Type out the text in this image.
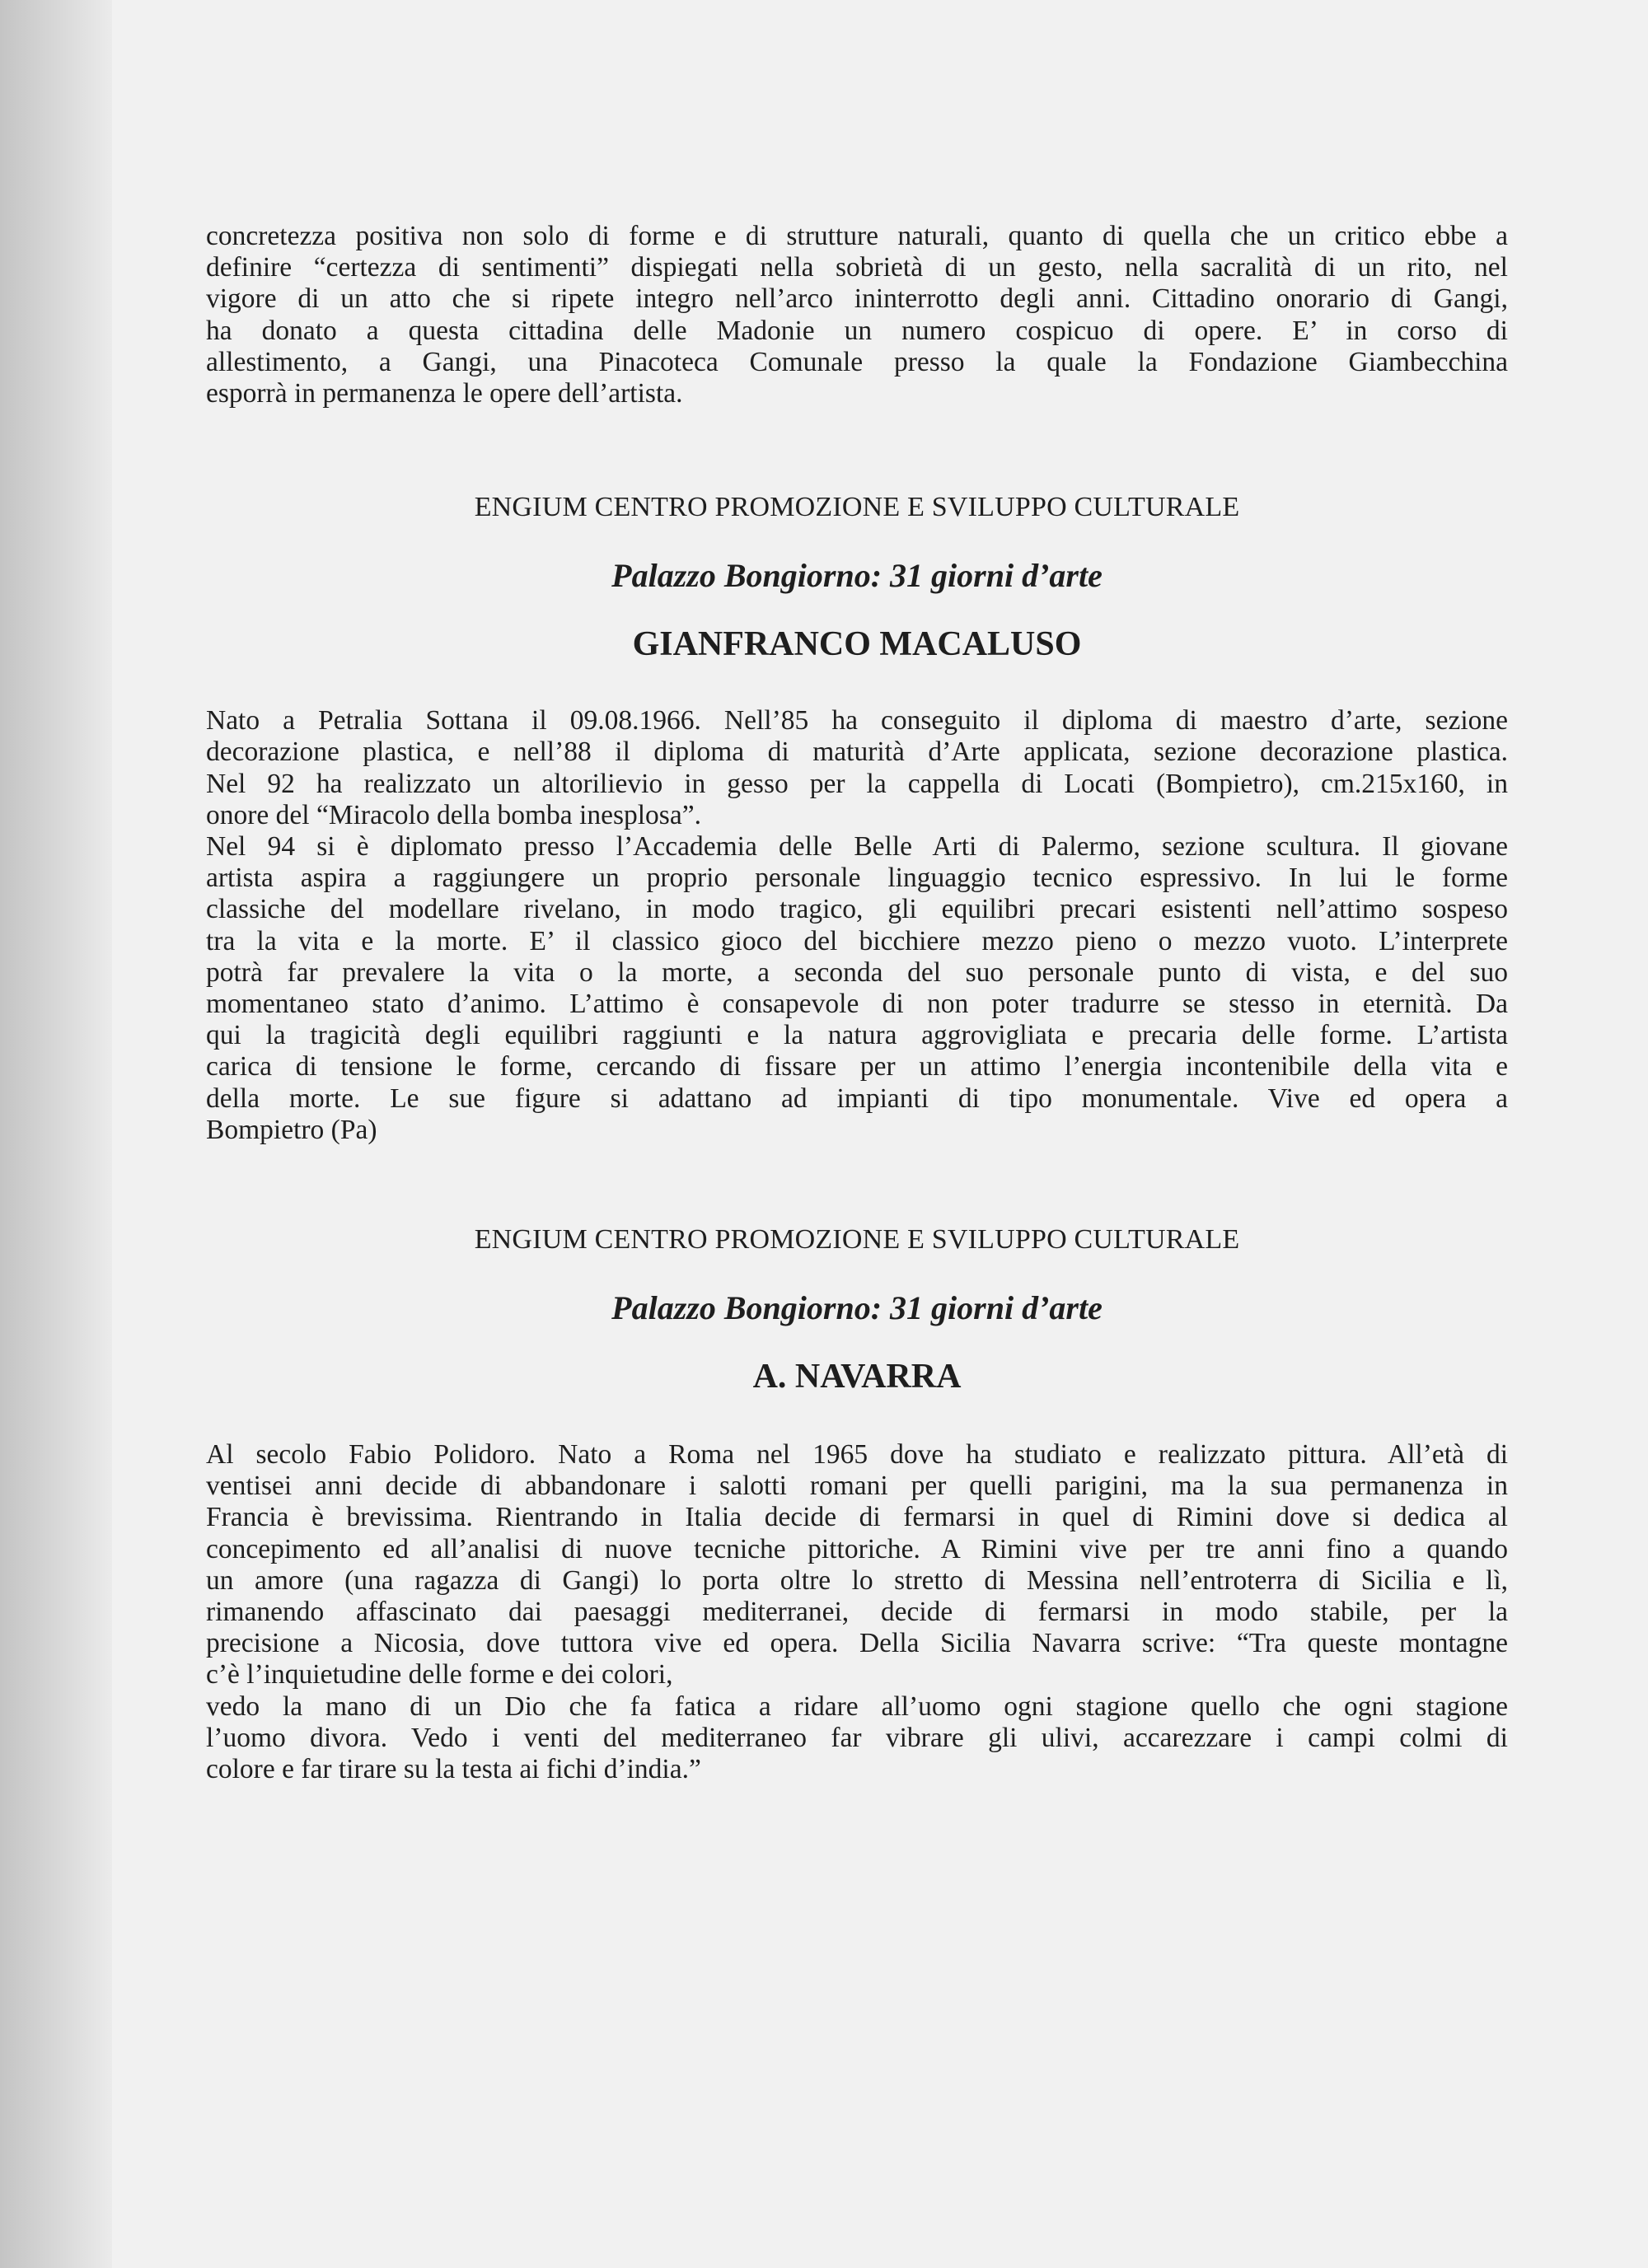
concretezza positiva non solo di forme e di strutture naturali, quanto di quella che un critico ebbe a
definire “certezza di sentimenti” dispiegati nella sobrietà di un gesto, nella sacralità di un rito, nel
vigore di un atto che si ripete integro nell’arco ininterrotto degli anni. Cittadino onorario di Gangi,
ha donato a questa cittadina delle Madonie un numero cospicuo di opere. E’ in corso di
allestimento, a Gangi, una Pinacoteca Comunale presso la quale la Fondazione Giambecchina
esporrà in permanenza le opere dell’artista.

ENGIUM CENTRO PROMOZIONE E SVILUPPO CULTURALE

Palazzo Bongiorno: 31 giorni d’arte

GIANFRANCO MACALUSO

Nato a Petralia Sottana il 09.08.1966. Nell’85 ha conseguito il diploma di maestro d’arte, sezione
decorazione plastica, e nell’88 il diploma di maturità d’Arte applicata, sezione decorazione plastica.
Nel 92 ha realizzato un altorilievio in gesso per la cappella di Locati (Bompietro), cm.215x160, in
onore del “Miracolo della bomba inesplosa”.
Nel 94 si è diplomato presso l’Accademia delle Belle Arti di Palermo, sezione scultura. Il giovane
artista aspira a raggiungere un proprio personale linguaggio tecnico espressivo. In lui le forme
classiche del modellare rivelano, in modo tragico, gli equilibri precari esistenti nell’attimo sospeso
tra la vita e la morte. E’ il classico gioco del bicchiere mezzo pieno o mezzo vuoto. L’interprete
potrà far prevalere la vita o la morte, a seconda del suo personale punto di vista, e del suo
momentaneo stato d’animo. L’attimo è consapevole di non poter tradurre se stesso in eternità. Da
qui la tragicità degli equilibri raggiunti e la natura aggrovigliata e precaria delle forme. L’artista
carica di tensione le forme, cercando di fissare per un attimo l’energia incontenibile della vita e
della morte. Le sue figure si adattano ad impianti di tipo monumentale. Vive ed opera a
Bompietro (Pa)

ENGIUM CENTRO PROMOZIONE E SVILUPPO CULTURALE

Palazzo Bongiorno: 31 giorni d’arte

A. NAVARRA

Al secolo Fabio Polidoro. Nato a Roma nel 1965 dove ha studiato e realizzato pittura. All’età di
ventisei anni decide di abbandonare i salotti romani per quelli parigini, ma la sua permanenza in
Francia è brevissima. Rientrando in Italia decide di fermarsi in quel di Rimini dove si dedica al
concepimento ed all’analisi di nuove tecniche pittoriche. A Rimini vive per tre anni fino a quando
un amore (una ragazza di Gangi) lo porta oltre lo stretto di Messina nell’entroterra di Sicilia e lì,
rimanendo affascinato dai paesaggi mediterranei, decide di fermarsi in modo stabile, per la
precisione a Nicosia, dove tuttora vive ed opera. Della Sicilia Navarra scrive: “Tra queste montagne
c’è l’inquietudine delle forme e dei colori,
vedo la mano di un Dio che fa fatica a ridare all’uomo ogni stagione quello che ogni stagione
l’uomo divora. Vedo i venti del mediterraneo far vibrare gli ulivi, accarezzare i campi colmi di
colore e far tirare su la testa ai fichi d’india.”
